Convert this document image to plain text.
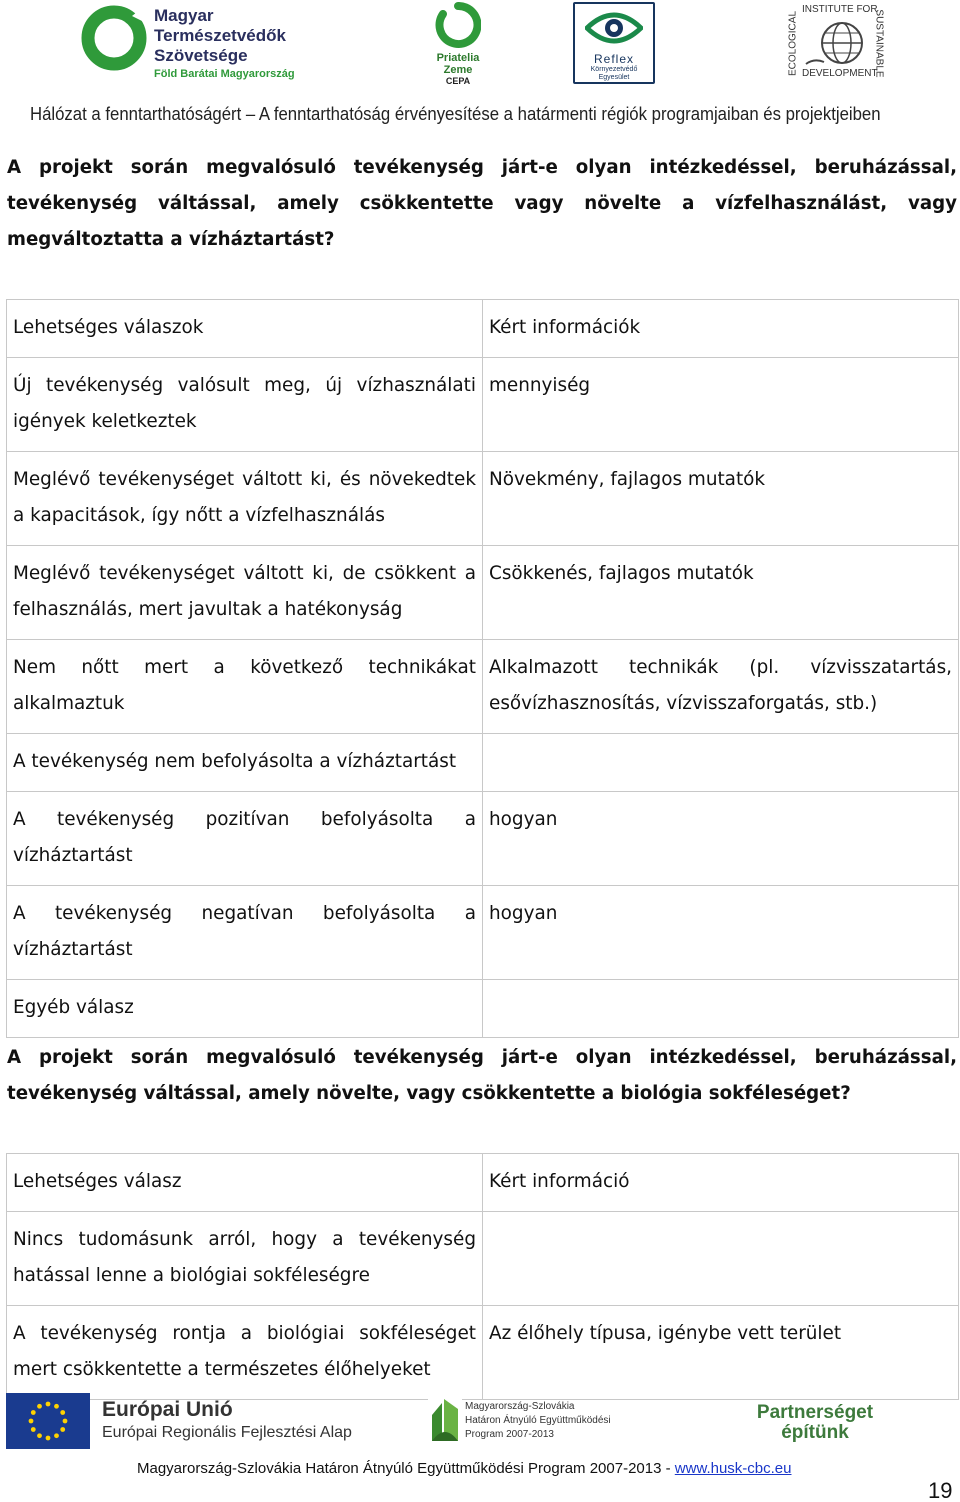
Magyar
Természetvédők
Szövetsége
Föld Barátai Magyarország
Priatelia
Zeme
CEPA
Reflex
Környezetvédő Egyesület
ECOLOGICAL
INSTITUTE FOR
DEVELOPMENT
SUSTAINABLE
Hálózat a fenntarthatóságért – A fenntarthatóság érvényesítése a határmenti régiók programjaiban és projektjeiben
A projekt során megvalósuló tevékenység járt-e olyan intézkedéssel, beruházással, tevékenység váltással, amely csökkentette vagy növelte a vízfelhasználást, vagy megváltoztatta a vízháztartást?
Lehetséges válaszok	Kért információk
Új tevékenység valósult meg, új vízhasználati igények keletkeztek	mennyiség
Meglévő tevékenységet váltott ki, és növekedtek a kapacitások, így nőtt a vízfelhasználás	Növekmény, fajlagos mutatók
Meglévő tevékenységet váltott ki, de csökkent a felhasználás, mert javultak a hatékonyság	Csökkenés, fajlagos mutatók
Nem nőtt mert a következő technikákat alkalmaztuk	Alkalmazott technikák (pl. vízvisszatartás, esővízhasznosítás, vízvisszaforgatás, stb.)
A tevékenység nem befolyásolta a vízháztartást	
A tevékenység pozitívan befolyásolta a vízháztartást	hogyan
A tevékenység negatívan befolyásolta a vízháztartást	hogyan
Egyéb válasz	
A projekt során megvalósuló tevékenység járt-e olyan intézkedéssel, beruházással, tevékenység váltással, amely növelte, vagy csökkentette a biológia sokféleséget?
Lehetséges válasz	Kért információ
Nincs tudomásunk arról, hogy a tevékenység hatással lenne a biológiai sokféleségre	
A tevékenység rontja a biológiai sokféleséget mert csökkentette a természetes élőhelyeket	Az élőhely típusa, igénybe vett terület
Európai Unió
Európai Regionális Fejlesztési Alap
Magyarország-Szlovákia
Határon Átnyúló Együttműködési
Program 2007-2013
Partnerséget
építünk
Magyarország-Szlovákia Határon Átnyúló Együttműködési Program 2007-2013 - www.husk-cbc.eu
19
